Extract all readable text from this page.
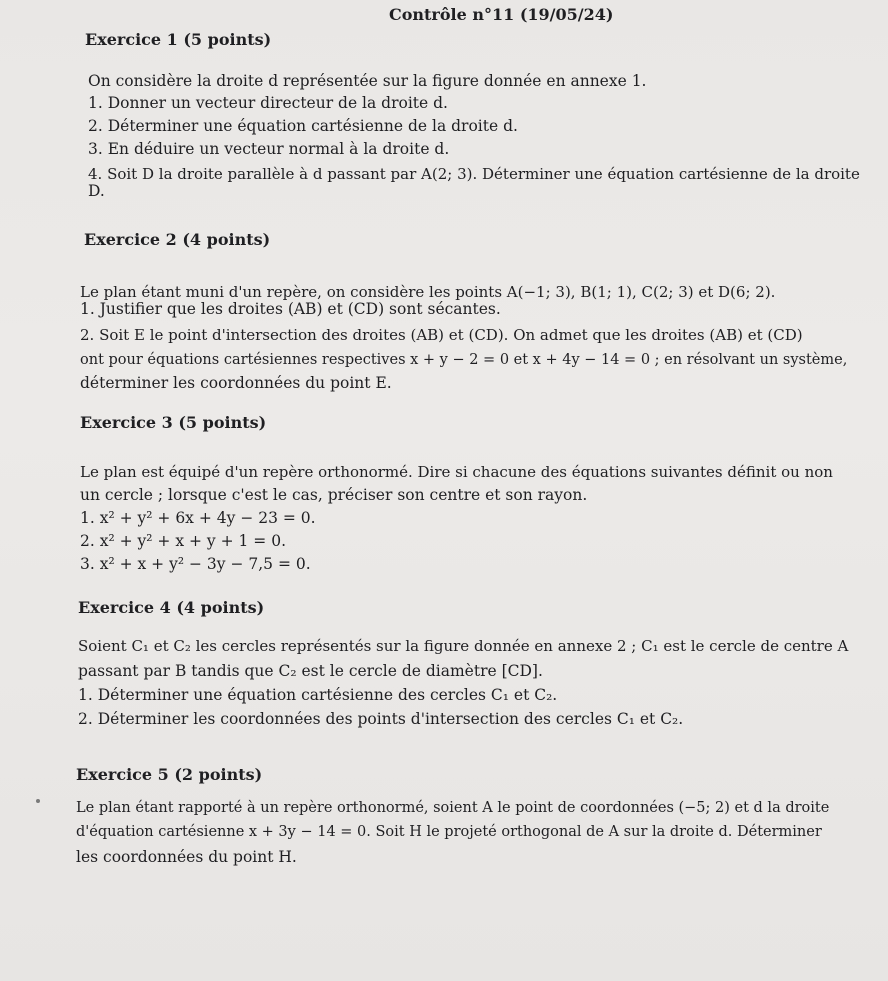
Contrôle n°11 (19/05/24)
Exercice 1 (5 points)
On considère la droite d représentée sur la figure donnée en annexe 1.
1. Donner un vecteur directeur de la droite d.
2. Déterminer une équation cartésienne de la droite d.
3. En déduire un vecteur normal à la droite d.
4. Soit D la droite parallèle à d passant par A(2; 3). Déterminer une équation cartésienne de la droite
D.
Exercice 2 (4 points)
Le plan étant muni d'un repère, on considère les points A(−1; 3), B(1; 1), C(2; 3) et D(6; 2).
1. Justifier que les droites (AB) et (CD) sont sécantes.
2. Soit E le point d'intersection des droites (AB) et (CD). On admet que les droites (AB) et (CD)
ont pour équations cartésiennes respectives x + y − 2 = 0 et x + 4y − 14 = 0 ; en résolvant un système,
déterminer les coordonnées du point E.
Exercice 3 (5 points)
Le plan est équipé d'un repère orthonormé. Dire si chacune des équations suivantes définit ou non
un cercle ; lorsque c'est le cas, préciser son centre et son rayon.
1. x² + y² + 6x + 4y − 23 = 0.
2. x² + y² + x + y + 1 = 0.
3. x² + x + y² − 3y − 7,5 = 0.
Exercice 4 (4 points)
Soient C₁ et C₂ les cercles représentés sur la figure donnée en annexe 2 ; C₁ est le cercle de centre A
passant par B tandis que C₂ est le cercle de diamètre [CD].
1. Déterminer une équation cartésienne des cercles C₁ et C₂.
2. Déterminer les coordonnées des points d'intersection des cercles C₁ et C₂.
Exercice 5 (2 points)
Le plan étant rapporté à un repère orthonormé, soient A le point de coordonnées (−5; 2) et d la droite
d'équation cartésienne x + 3y − 14 = 0. Soit H le projeté orthogonal de A sur la droite d. Déterminer
les coordonnées du point H.
